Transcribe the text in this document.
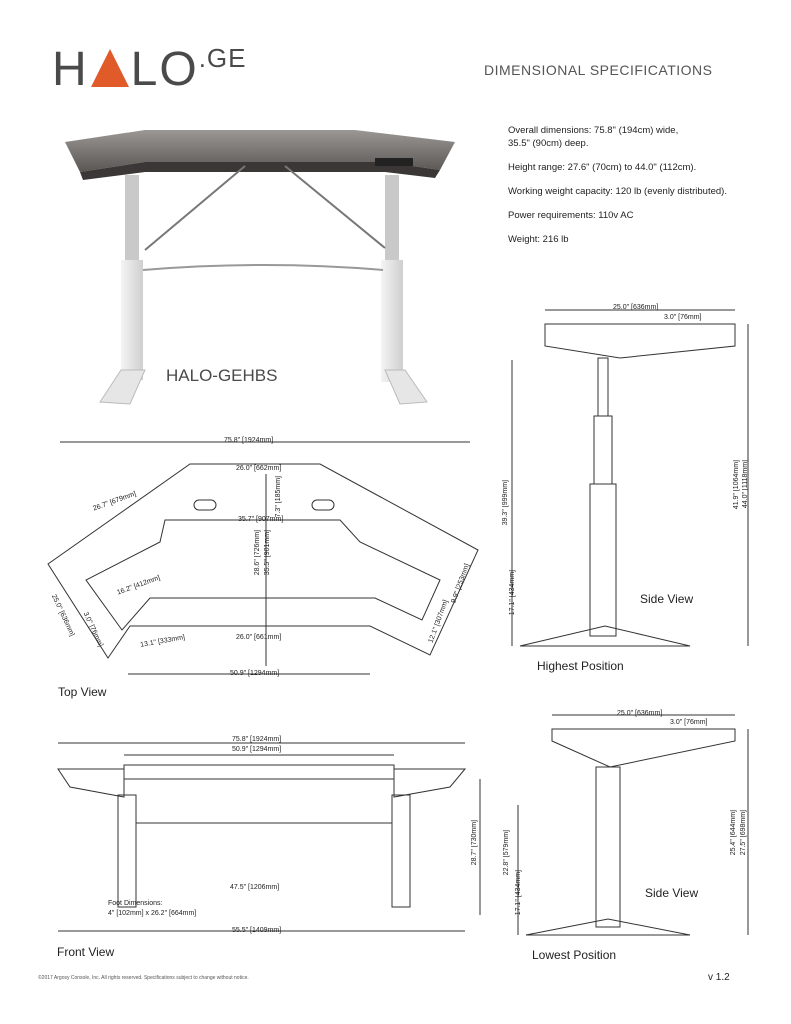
H $LO^{.GE}$	DIMENSIONAL SPECIFICATIONS

Overall dimensions: 75.8" (194cm) wide,
35.5" (90cm) deep.

Height range: 27.6" (70cm) to 44.0" (112cm).

Working weight capacity: 120 lb (evenly distributed).

Power requirements: 110v AC

Weight: 216 lb

HALO-GEHBS
75.8" [1924mm]
26.0" [662mm]
35.7" [907mm]
7.3" [185mm]
28.6" [726mm] 35.5" [901mm]
26.7" [679mm]
16.2" [412mm]
25.0" [636mm] 3.0" [76mm]	26.0" [661mm]
13.1" [333mm]
9.9" [253mm]
12.1" [307mm]
50.9" [1294mm]
Top View
25.0" [636mm]
3.0" [76mm]
39.3" [999mm]
17.1" [434mm]
41.9" [1064mm] 44.0" [1118mm]
Side View
Highest Position
75.8" [1924mm]
50.9" [1294mm]
28.7" [730mm]
47.5" [1206mm]
Foot Dimensions:
4" [102mm] x 26.2" [664mm]
55.5" [1409mm]
Front View
25.0" [636mm]
3.0" [76mm]
22.8" [579mm]
17.1" [434mm]
25.4" [644mm] 27.5" [698mm]
Side View
Lowest Position
©2017 Argosy Console, Inc. All rights reserved. Specifications subject to change without notice.	v 1.2
